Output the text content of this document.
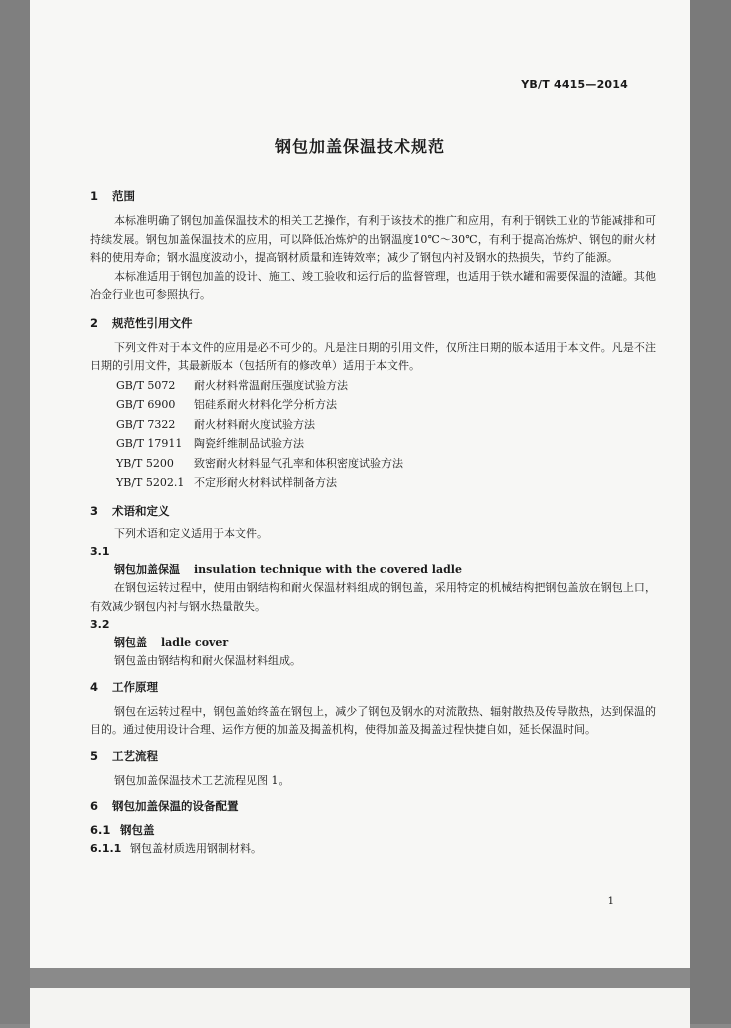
YB/T 4415—2014
钢包加盖保温技术规范
1 范围

本标准明确了钢包加盖保温技术的相关工艺操作，有利于该技术的推广和应用，有利于钢铁工业的节能减排和可持续发展。钢包加盖保温技术的应用，可以降低冶炼炉的出钢温度10℃～30℃，有利于提高冶炼炉、钢包的耐火材料的使用寿命；钢水温度波动小，提高钢材质量和连铸效率；减少了钢包内衬及钢水的热损失，节约了能源。

本标准适用于钢包加盖的设计、施工、竣工验收和运行后的监督管理，也适用于铁水罐和需要保温的渣罐。其他冶金行业也可参照执行。

2 规范性引用文件

下列文件对于本文件的应用是必不可少的。凡是注日期的引用文件，仅所注日期的版本适用于本文件。凡是不注日期的引用文件，其最新版本（包括所有的修改单）适用于本文件。

GB/T 5072 耐火材料常温耐压强度试验方法
GB/T 6900 铝硅系耐火材料化学分析方法
GB/T 7322 耐火材料耐火度试验方法
GB/T 17911 陶瓷纤维制品试验方法
YB/T 5200 致密耐火材料显气孔率和体积密度试验方法
YB/T 5202.1 不定形耐火材料试样制备方法
3 术语和定义

下列术语和定义适用于本文件。

3.1
钢包加盖保温 insulation technique with the covered ladle

在钢包运转过程中，使用由钢结构和耐火保温材料组成的钢包盖，采用特定的机械结构把钢包盖放在钢包上口，有效减少钢包内衬与钢水热量散失。

3.2
钢包盖 ladle cover

钢包盖由钢结构和耐火保温材料组成。

4 工作原理

钢包在运转过程中，钢包盖始终盖在钢包上，减少了钢包及钢水的对流散热、辐射散热及传导散热，达到保温的目的。通过使用设计合理、运作方便的加盖及揭盖机构，使得加盖及揭盖过程快捷自如，延长保温时间。

5 工艺流程

钢包加盖保温技术工艺流程见图 1。

6 钢包加盖保温的设备配置
6.1 钢包盖
6.1.1 钢包盖材质选用钢制材料。
1
